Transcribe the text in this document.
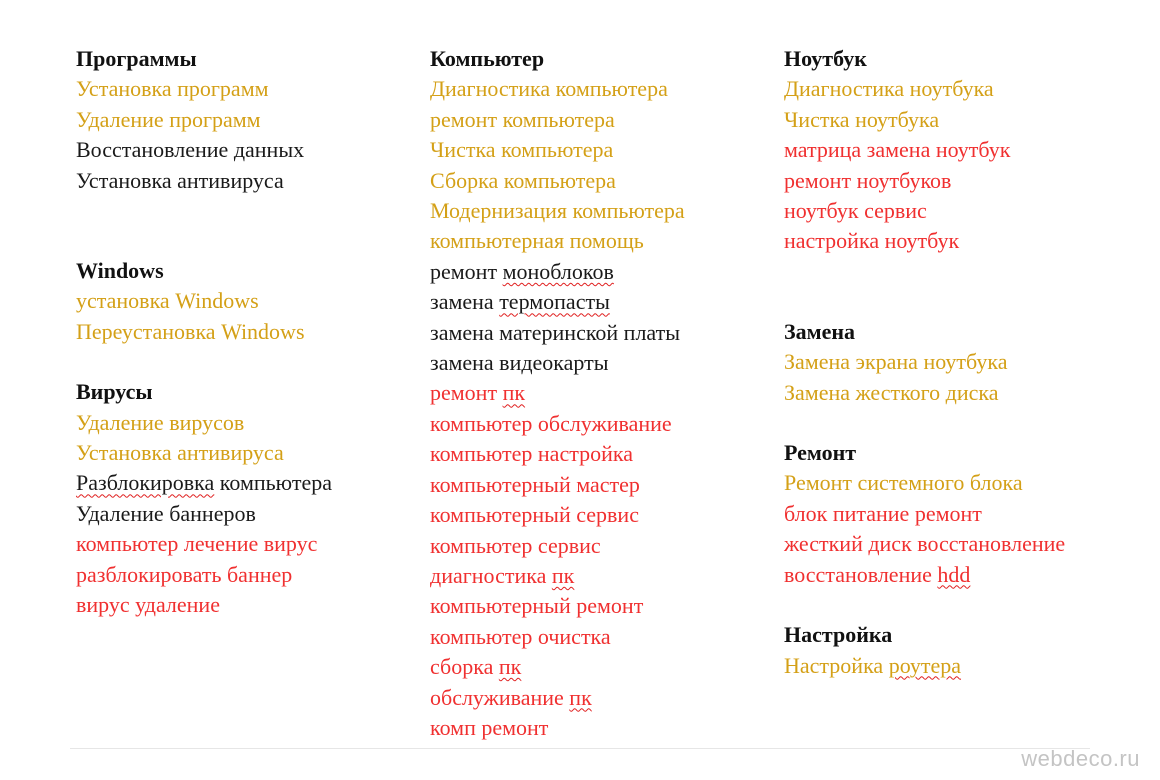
Программы
Установка программ
Удаление программ
Восстановление данных
Установка антивируса
Windows
установка Windows
Переустановка Windows
Вирусы
Удаление вирусов
Установка антивируса
Разблокировка компьютера
Удаление баннеров
компьютер лечение вирус
разблокировать баннер
вирус удаление
Компьютер
Диагностика компьютера
ремонт компьютера
Чистка компьютера
Сборка компьютера
Модернизация компьютера
компьютерная помощь
ремонт моноблоков
замена термопасты
замена материнской платы
замена видеокарты
ремонт пк
компьютер обслуживание
компьютер настройка
компьютерный мастер
компьютерный сервис
компьютер сервис
диагностика пк
компьютерный ремонт
компьютер очистка
сборка пк
обслуживание пк
комп ремонт
Ноутбук
Диагностика ноутбука
Чистка ноутбука
матрица замена ноутбук
ремонт ноутбуков
ноутбук сервис
настройка ноутбук
Замена
Замена экрана ноутбука
Замена жесткого диска
Ремонт
Ремонт системного блока
блок питание ремонт
жесткий диск восстановление
восстановление hdd
Настройка
Настройка роутера
webdeco.ru
